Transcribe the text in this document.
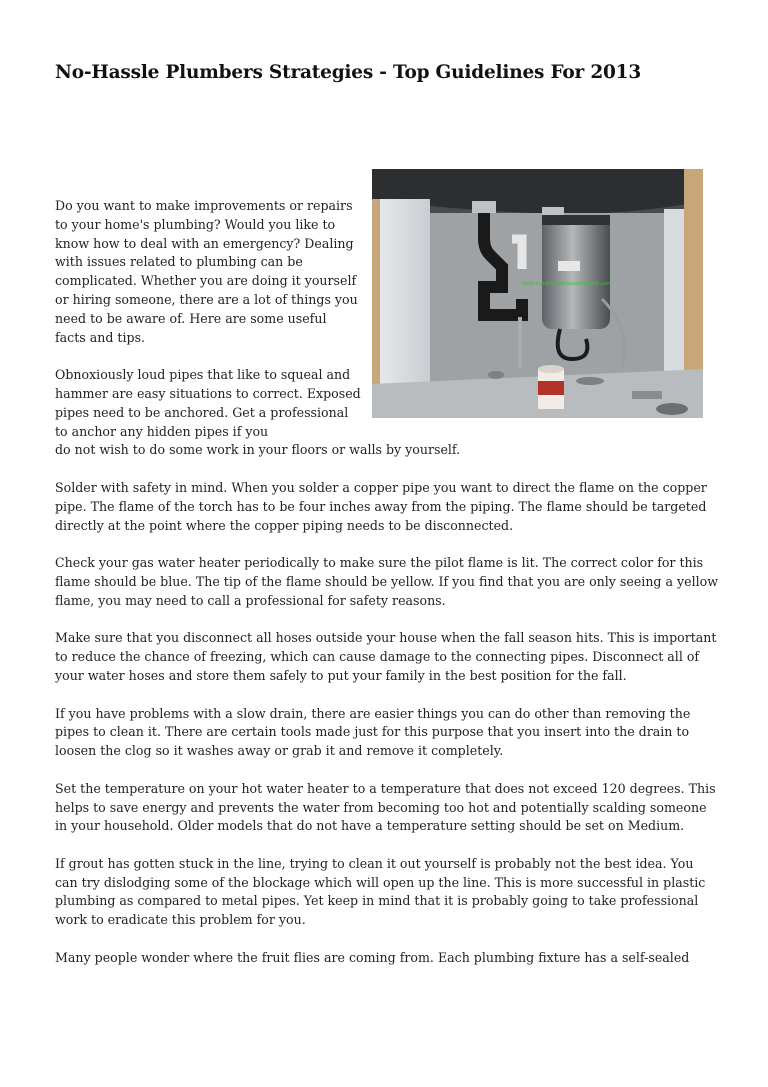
No-Hassle Plumbers Strategies - Top Guidelines For 2013
www.InstalledGarbageDisposal.com

Do you want to make improvements or repairs to your home's plumbing? Would you like to know how to deal with an emergency? Dealing with issues related to plumbing can be complicated. Whether you are doing it yourself or hiring someone, there are a lot of things you need to be aware of. Here are some useful facts and tips.

Obnoxiously loud pipes that like to squeal and hammer are easy situations to correct. Exposed pipes need to be anchored. Get a professional to anchor any hidden pipes if you
do not wish to do some work in your floors or walls by yourself.

Solder with safety in mind. When you solder a copper pipe you want to direct the flame on the copper pipe. The flame of the torch has to be four inches away from the piping. The flame should be targeted directly at the point where the copper piping needs to be disconnected.

Check your gas water heater periodically to make sure the pilot flame is lit. The correct color for this flame should be blue. The tip of the flame should be yellow. If you find that you are only seeing a yellow flame, you may need to call a professional for safety reasons.

Make sure that you disconnect all hoses outside your house when the fall season hits. This is important to reduce the chance of freezing, which can cause damage to the connecting pipes. Disconnect all of your water hoses and store them safely to put your family in the best position for the fall.

If you have problems with a slow drain, there are easier things you can do other than removing the pipes to clean it. There are certain tools made just for this purpose that you insert into the drain to loosen the clog so it washes away or grab it and remove it completely.

Set the temperature on your hot water heater to a temperature that does not exceed 120 degrees. This helps to save energy and prevents the water from becoming too hot and potentially scalding someone in your household. Older models that do not have a temperature setting should be set on Medium.

If grout has gotten stuck in the line, trying to clean it out yourself is probably not the best idea. You can try dislodging some of the blockage which will open up the line. This is more successful in plastic plumbing as compared to metal pipes. Yet keep in mind that it is probably going to take professional work to eradicate this problem for you.

Many people wonder where the fruit flies are coming from. Each plumbing fixture has a self-sealed
